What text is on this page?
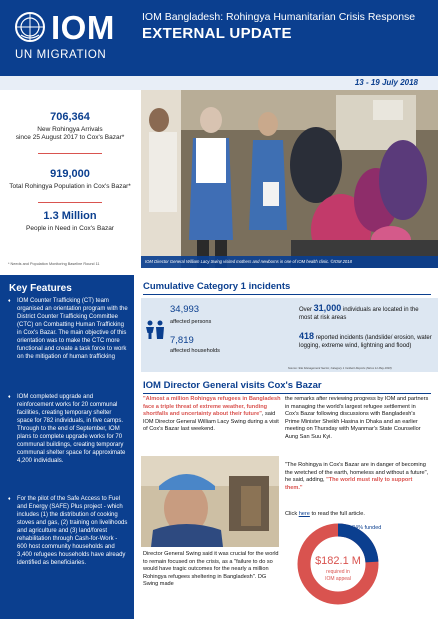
IOM
UN MIGRATION
IOM Bangladesh: Rohingya Humanitarian Crisis Response
EXTERNAL UPDATE
13 - 19 July 2018
706,364
New Rohingya Arrivals
since 25 August 2017 to Cox's Bazar*
919,000
Total Rohingya Population in Cox's Bazar*
1.3 Million
People in Need in Cox's Bazar
* Needs and Population Monitoring Baseline Round 11	IOM Director General William Lacy Swing visited mothers and newborns in one of IOM health clinic. ©IOM 2018
Key Features
♦	IOM Counter Trafficking (CT) team organised an orientation program with the District Counter Trafficking Committee (CTC) on Combatting Human Trafficking in Cox's Bazar. The main objective of this orientation was to make the CTC more functional and create a task force to work on the mitigation of human trafficking
♦	IOM completed upgrade and reinforcement works for 20 communal facilities, creating temporary shelter space for 782 individuals, in five camps. Through to the end of September, IOM plans to complete upgrade works for 70 communal buildings, creating temporary communal shelter space for approximate 4,200 individuals.
♦	For the pilot of the Safe Access to Fuel and Energy (SAFE) Plus project - which includes (1) the distribution of cooking stoves and gas, (2) training on livelihoods and agriculture and (3) land/forest rehabilitation through Cash-for-Work - 600 host community households and 3,400 refugees households have already identified as beneficiaries.
Cumulative Category 1 incidents
34,993
affected persons
7,819
affected households
Over 31,000 individuals are located in the most at risk areas
418 reported incidents (landslide/ erosion, water logging, extreme wind, lightning and flood)
Source: Site Management Sector, Category 1 Incident Reports (Since 11 May 2018)
IOM Director General visits Cox's Bazar
"Almost a million Rohingya refugees in Bangladesh face a triple threat of extreme weather, funding shortfalls and uncertainty about their future", said IOM Director General William Lacy Swing during a visit of Cox's Bazar last weekend.
Director General Swing said it was crucial for the world to remain focused on the crisis, as a "failure to do so would have tragic outcomes for the nearly a million Rohingya refugees sheltering in Bangladesh". DG Swing made
the remarks after reviewing progress by IOM and partners in managing the world's largest refugee settlement in Cox's Bazar following discussions with Bangladesh's Prime Minister Sheikh Hasina in Dhaka and an earlier meeting on Thursday with Myanmar's State Counsellor Aung San Suu Kyi.
"The Rohingya in Cox's Bazar are in danger of becoming the wretched of the earth, homeless and without a future", he said, adding, "The world must rally to support them."
Click here to read the full article.
24% funded
$182.1 M
required in
IOM appeal
